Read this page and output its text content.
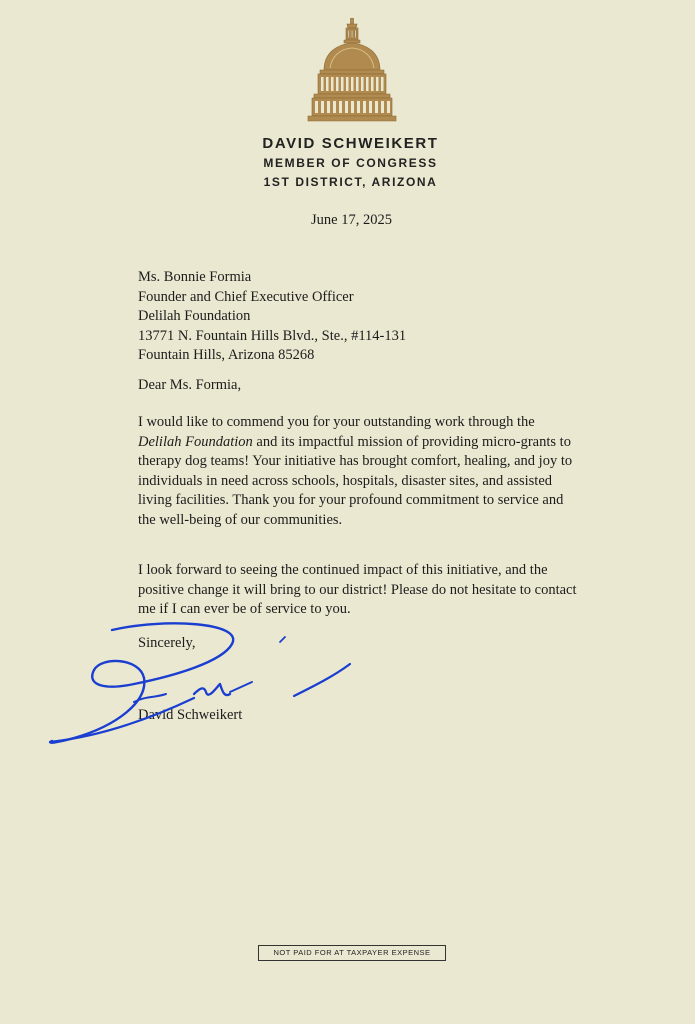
DAVID SCHWEIKERT
MEMBER OF CONGRESS
1ST DISTRICT, ARIZONA
June 17, 2025
Ms. Bonnie Formia
Founder and Chief Executive Officer
Delilah Foundation
13771 N. Fountain Hills Blvd., Ste., #114-131
Fountain Hills, Arizona 85268
Dear Ms. Formia,

I would like to commend you for your outstanding work through the Delilah Foundation and its impactful mission of providing micro-grants to therapy dog teams! Your initiative has brought comfort, healing, and joy to individuals in need across schools, hospitals, disaster sites, and assisted living facilities. Thank you for your profound commitment to service and the well-being of our communities.

I look forward to seeing the continued impact of this initiative, and the positive change it will bring to our district! Please do not hesitate to contact me if I can ever be of service to you.
Sincerely,
David Schweikert
NOT PAID FOR AT TAXPAYER EXPENSE
